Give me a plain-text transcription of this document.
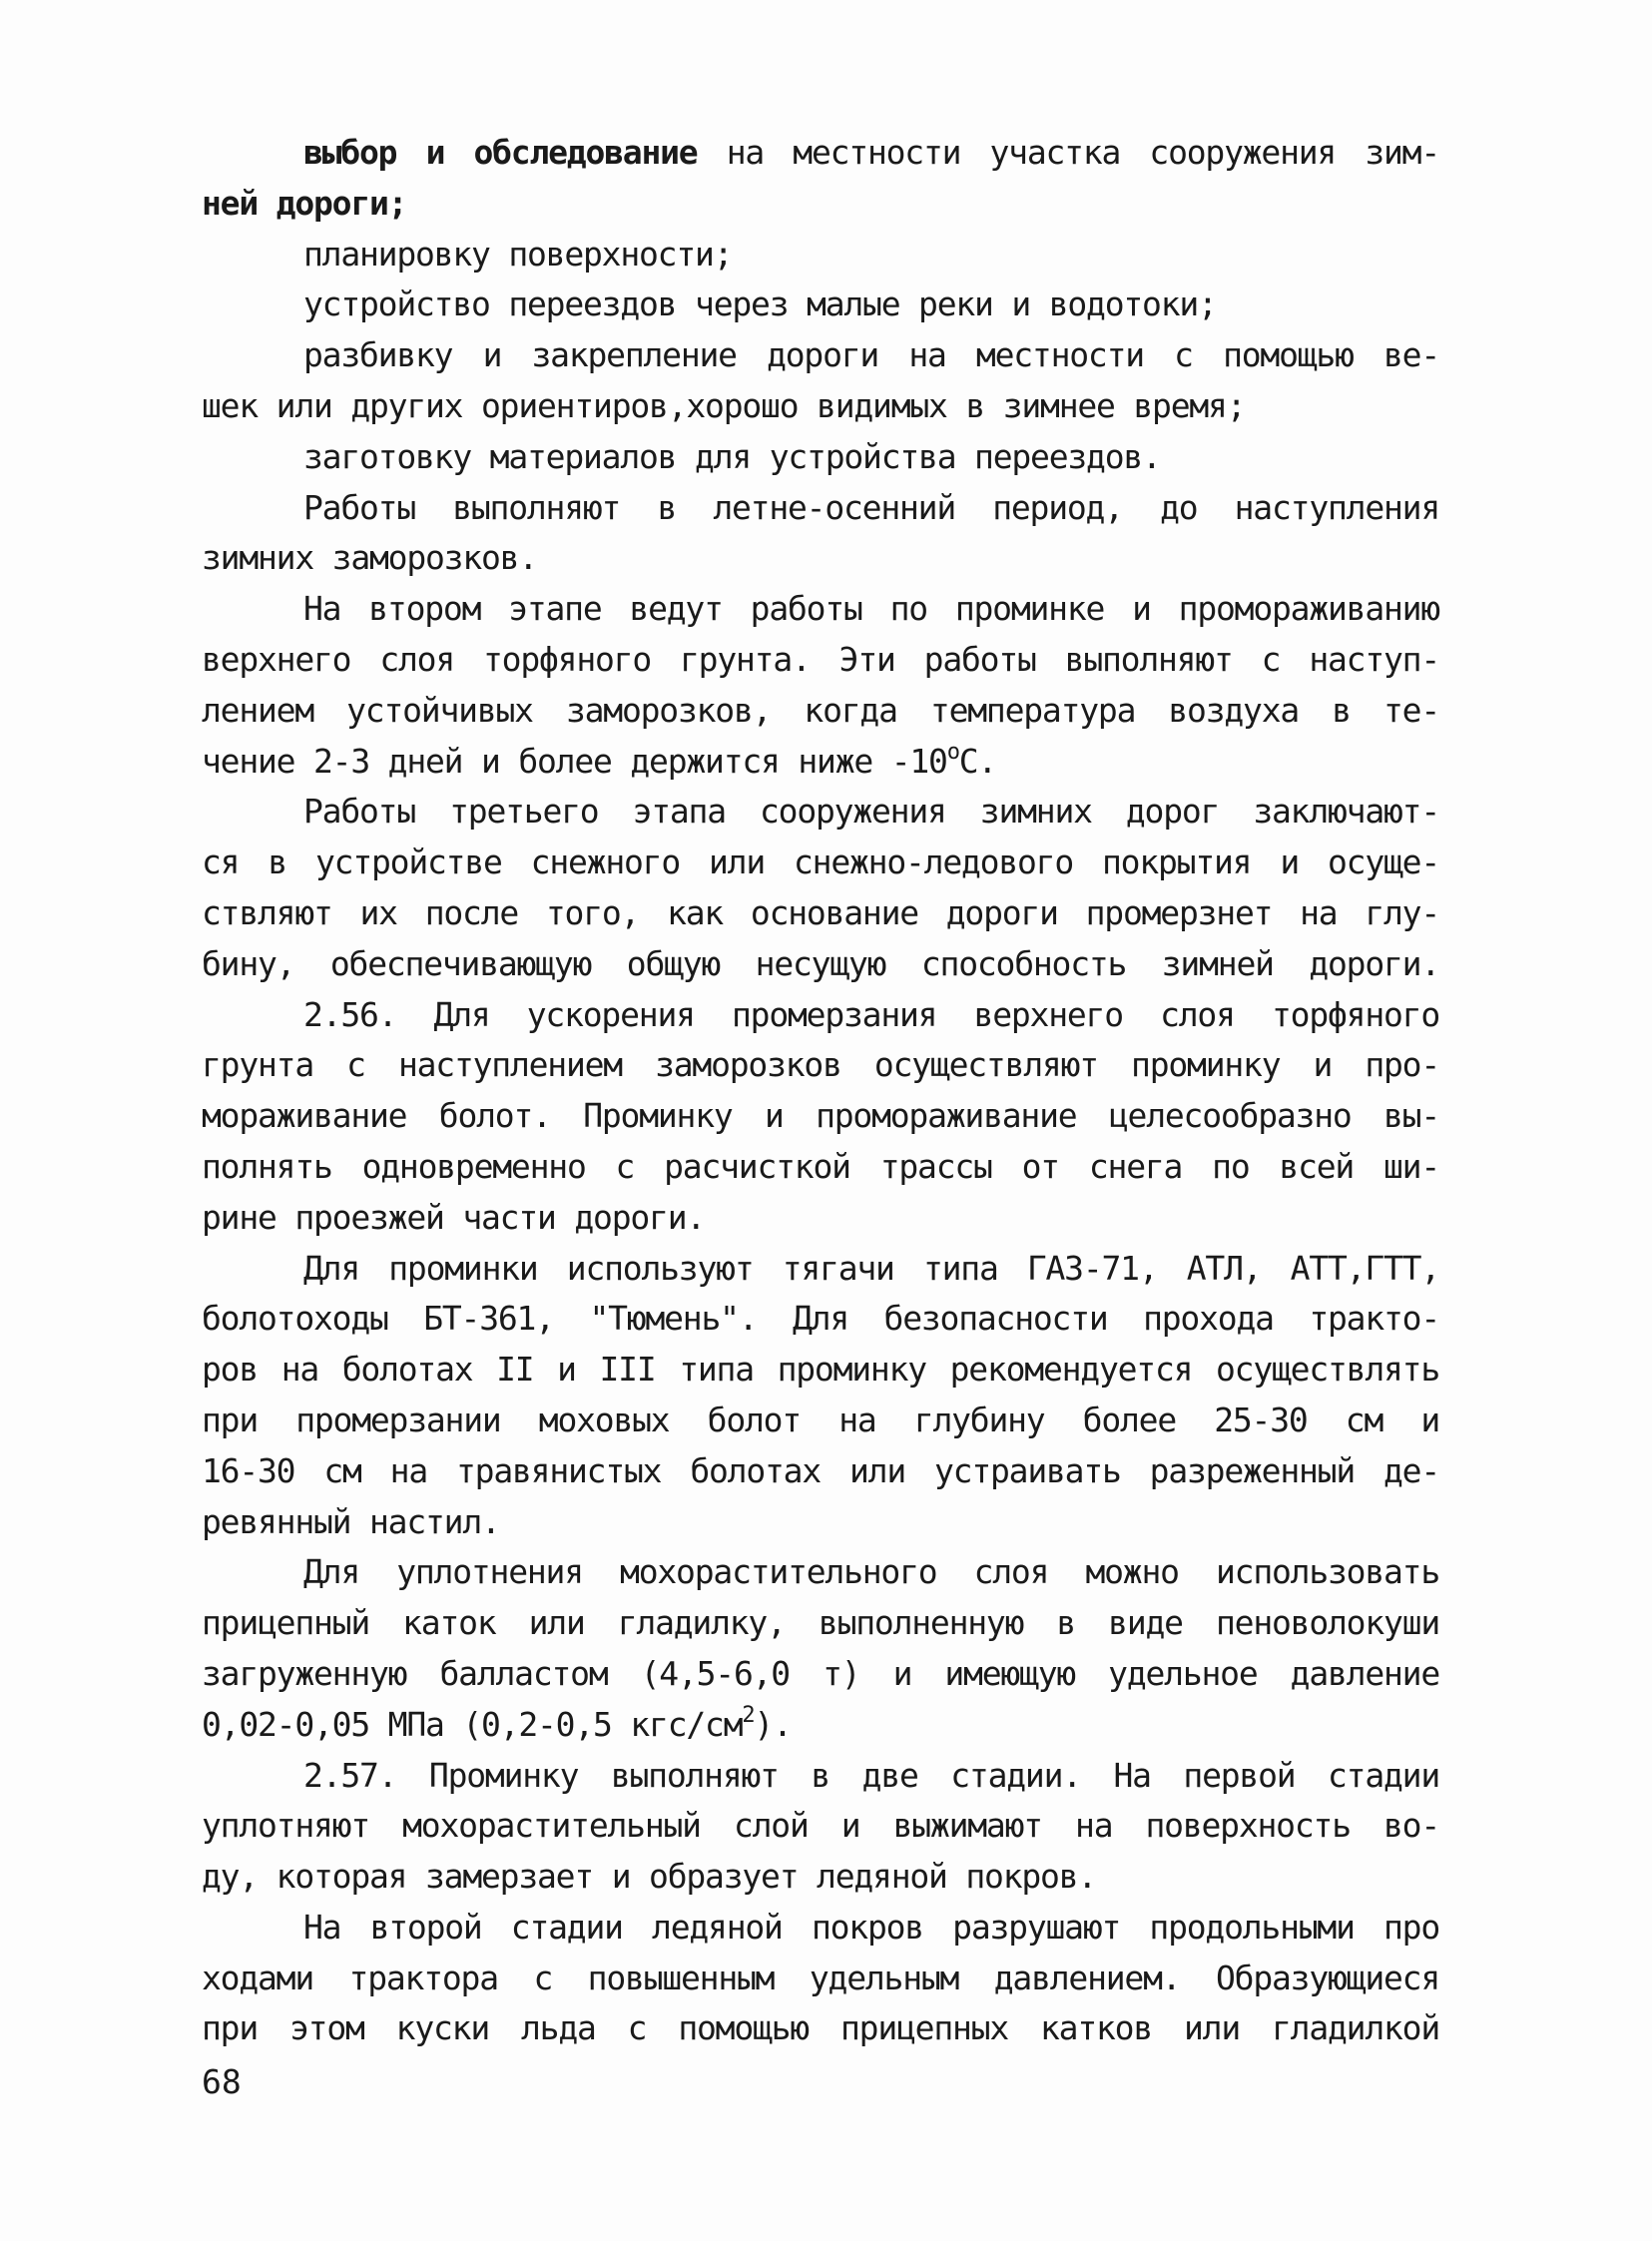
выбор и обследование на местности участка сооружения зим-
ней дороги;
планировку поверхности;
устройство переездов через малые реки и водотоки;
разбивку и закрепление дороги на местности с помощью ве-
шек или других ориентиров,хорошо видимых в зимнее время;
заготовку материалов для устройства переездов.
Работы выполняют в летне-осенний период, до наступления
зимних заморозков.
На втором этапе ведут работы по проминке и промораживанию
верхнего слоя торфяного грунта. Эти работы выполняют с наступ-
лением устойчивых заморозков, когда температура воздуха в те-
чение 2-3 дней и более держится ниже -10$^o$С.
Работы третьего этапа сооружения зимних дорог заключают-
ся в устройстве снежного или снежно-ледового покрытия и осуще-
ствляют их после того, как основание дороги промерзнет на глу-
бину, обеспечивающую общую несущую способность зимней дороги.
2.56. Для ускорения промерзания верхнего слоя торфяного
грунта с наступлением заморозков осуществляют проминку и про-
мораживание болот. Проминку и промораживание целесообразно вы-
полнять одновременно с расчисткой трассы от снега по всей ши-
рине проезжей части дороги.
Для проминки используют тягачи типа ГАЗ-71, АТЛ, АТТ,ГТТ,
болотоходы БТ-361, "Тюмень". Для безопасности прохода тракто-
ров на болотах II и III типа проминку рекомендуется осуществлять
при промерзании моховых болот на глубину более 25-30 см и
16-30 см на травянистых болотах или устраивать разреженный де-
ревянный настил.
Для уплотнения мохорастительного слоя можно использовать
прицепный каток или гладилку, выполненную в виде пеноволокуши
загруженную балластом (4,5-6,0 т) и имеющую удельное давление
0,02-0,05 МПа (0,2-0,5 кгс/$см^2$).
2.57. Проминку выполняют в две стадии. На первой стадии
уплотняют мохорастительный слой и выжимают на поверхность во-
ду, которая замерзает и образует ледяной покров.
На второй стадии ледяной покров разрушают продольными про
ходами трактора с повышенным удельным давлением. Образующиеся
при этом куски льда с помощью прицепных катков или гладилкой
68
